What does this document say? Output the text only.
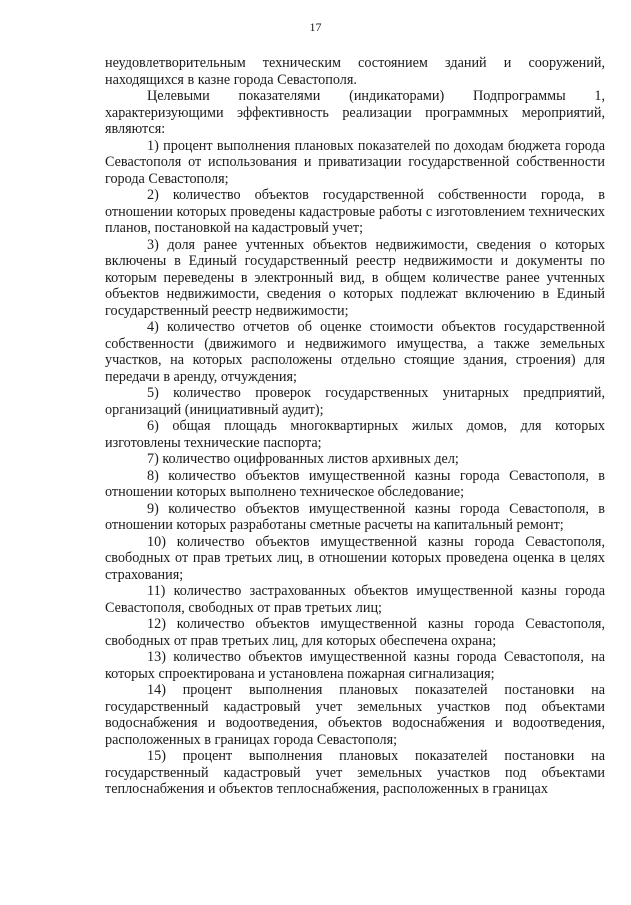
17

неудовлетворительным техническим состоянием зданий и сооружений, находящихся в казне города Севастополя.

Целевыми показателями (индикаторами) Подпрограммы 1, характеризующими эффективность реализации программных мероприятий, являются:

1) процент выполнения плановых показателей по доходам бюджета города Севастополя от использования и приватизации государственной собственности города Севастополя;

2) количество объектов государственной собственности города, в отношении которых проведены кадастровые работы с изготовлением технических планов, постановкой на кадастровый учет;

3) доля ранее учтенных объектов недвижимости, сведения о которых включены в Единый государственный реестр недвижимости и документы по которым переведены в электронный вид, в общем количестве ранее учтенных объектов недвижимости, сведения о которых подлежат включению в Единый государственный реестр недвижимости;

4) количество отчетов об оценке стоимости объектов государственной собственности (движимого и недвижимого имущества, а также земельных участков, на которых расположены отдельно стоящие здания, строения) для передачи в аренду, отчуждения;

5) количество проверок государственных унитарных предприятий, организаций (инициативный аудит);

6) общая площадь многоквартирных жилых домов, для которых изготовлены технические паспорта;

7) количество оцифрованных листов архивных дел;

8) количество объектов имущественной казны города Севастополя, в отношении которых выполнено техническое обследование;

9) количество объектов имущественной казны города Севастополя, в отношении которых разработаны сметные расчеты на капитальный ремонт;

10) количество объектов имущественной казны города Севастополя, свободных от прав третьих лиц, в отношении которых проведена оценка в целях страхования;

11) количество застрахованных объектов имущественной казны города Севастополя, свободных от прав третьих лиц;

12) количество объектов имущественной казны города Севастополя, свободных от прав третьих лиц, для которых обеспечена охрана;

13) количество объектов имущественной казны города Севастополя, на которых спроектирована и установлена пожарная сигнализация;

14) процент выполнения плановых показателей постановки на государственный кадастровый учет земельных участков под объектами водоснабжения и водоотведения, объектов водоснабжения и водоотведения, расположенных в границах города Севастополя;

15) процент выполнения плановых показателей постановки на государственный кадастровый учет земельных участков под объектами теплоснабжения и объектов теплоснабжения, расположенных в границах
